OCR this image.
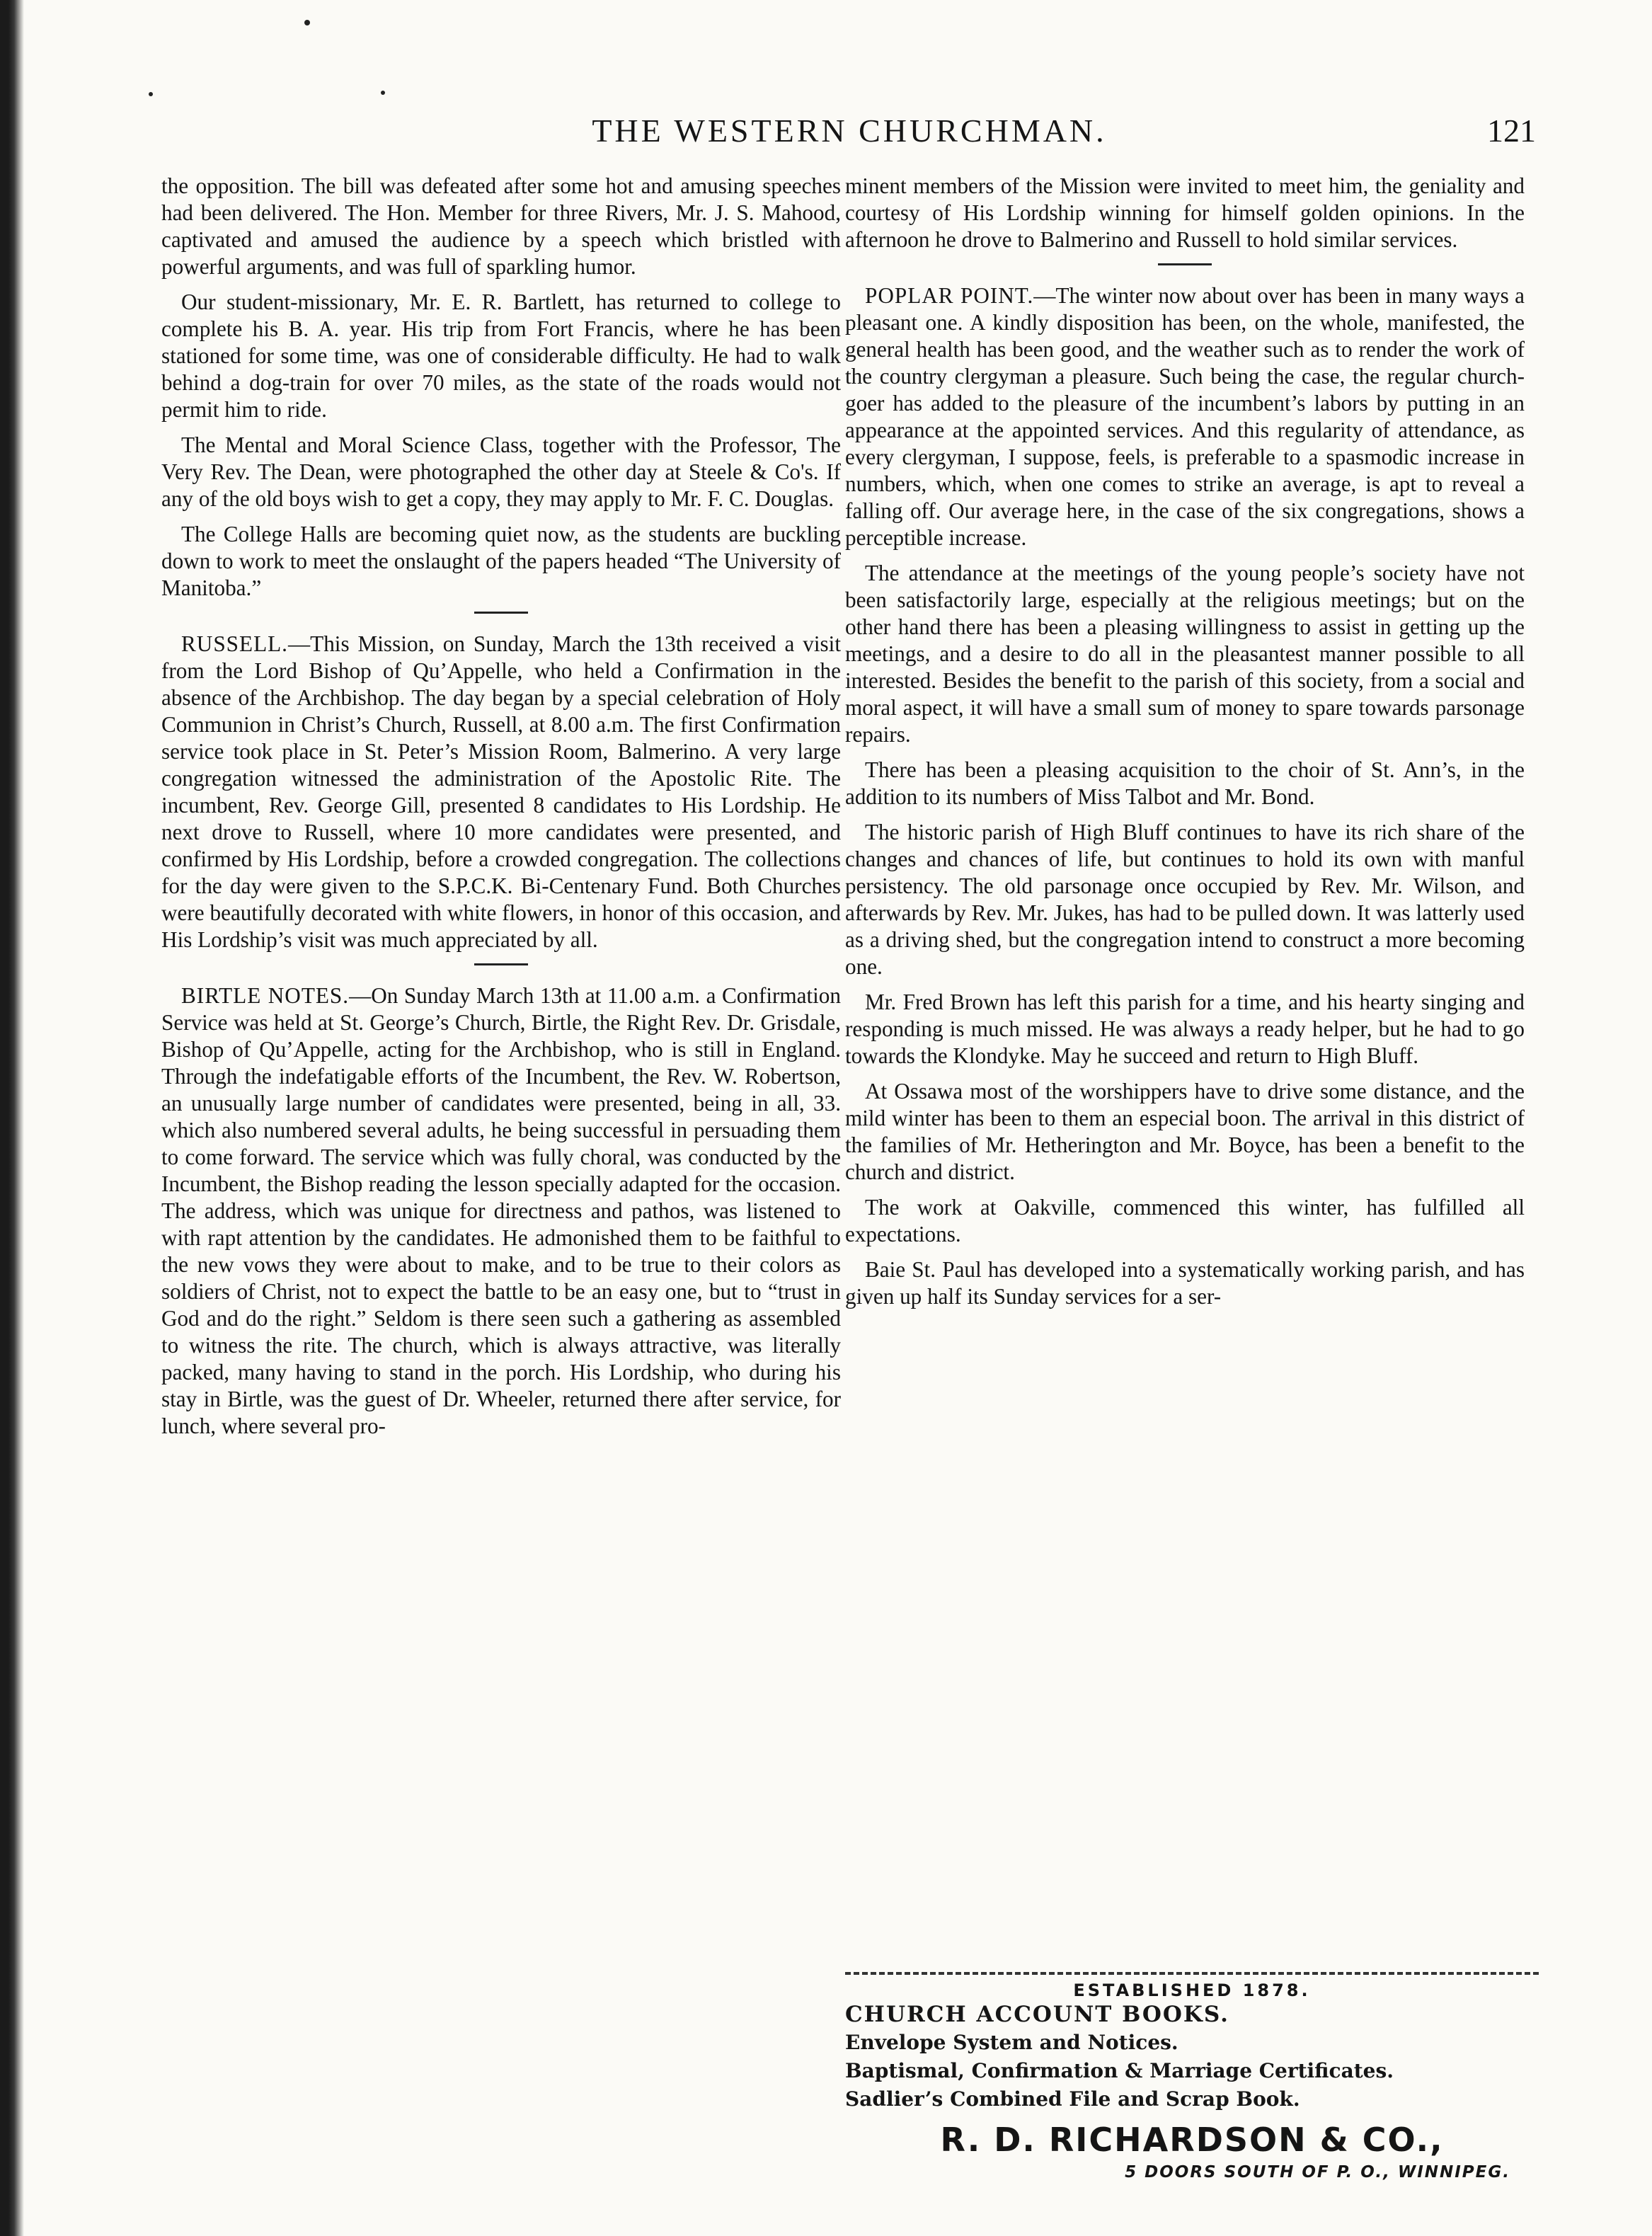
THE WESTERN CHURCHMAN.	121

the opposition. The bill was defeated after some hot and amusing speeches had been delivered. The Hon. Member for three Rivers, Mr. J. S. Mahood, captivated and amused the audience by a speech which bristled with powerful arguments, and was full of sparkling humor.

Our student-missionary, Mr. E. R. Bartlett, has returned to college to complete his B. A. year. His trip from Fort Francis, where he has been stationed for some time, was one of considerable difficulty. He had to walk behind a dog-train for over 70 miles, as the state of the roads would not permit him to ride.

The Mental and Moral Science Class, together with the Professor, The Very Rev. The Dean, were photographed the other day at Steele & Co's. If any of the old boys wish to get a copy, they may apply to Mr. F. C. Douglas.

The College Halls are becoming quiet now, as the students are buckling down to work to meet the onslaught of the papers headed “The University of Manitoba.”

RUSSELL.—This Mission, on Sunday, March the 13th received a visit from the Lord Bishop of Qu’Appelle, who held a Confirmation in the absence of the Archbishop. The day began by a special celebration of Holy Communion in Christ’s Church, Russell, at 8.00 a.m. The first Confirmation service took place in St. Peter’s Mission Room, Balmerino. A very large congregation witnessed the administration of the Apostolic Rite. The incumbent, Rev. George Gill, presented 8 candidates to His Lordship. He next drove to Russell, where 10 more candidates were presented, and confirmed by His Lordship, before a crowded congregation. The collections for the day were given to the S.P.C.K. Bi-Centenary Fund. Both Churches were beautifully decorated with white flowers, in honor of this occasion, and His Lordship’s visit was much appreciated by all.

BIRTLE NOTES.—On Sunday March 13th at 11.00 a.m. a Confirmation Service was held at St. George’s Church, Birtle, the Right Rev. Dr. Grisdale, Bishop of Qu’Appelle, acting for the Archbishop, who is still in England. Through the indefatigable efforts of the Incumbent, the Rev. W. Robertson, an unusually large number of candidates were presented, being in all, 33. which also numbered several adults, he being successful in persuading them to come forward. The service which was fully choral, was conducted by the Incumbent, the Bishop reading the lesson specially adapted for the occasion. The address, which was unique for directness and pathos, was listened to with rapt attention by the candidates. He admonished them to be faithful to the new vows they were about to make, and to be true to their colors as soldiers of Christ, not to expect the battle to be an easy one, but to “trust in God and do the right.” Seldom is there seen such a gathering as assembled to witness the rite. The church, which is always attractive, was literally packed, many having to stand in the porch. His Lordship, who during his stay in Birtle, was the guest of Dr. Wheeler, returned there after service, for lunch, where several pro-

minent members of the Mission were invited to meet him, the geniality and courtesy of His Lordship winning for himself golden opinions. In the afternoon he drove to Balmerino and Russell to hold similar services.

POPLAR POINT.—The winter now about over has been in many ways a pleasant one. A kindly disposition has been, on the whole, manifested, the general health has been good, and the weather such as to render the work of the country clergyman a pleasure. Such being the case, the regular church-goer has added to the pleasure of the incumbent’s labors by putting in an appearance at the appointed services. And this regularity of attendance, as every clergyman, I suppose, feels, is preferable to a spasmodic increase in numbers, which, when one comes to strike an average, is apt to reveal a falling off. Our average here, in the case of the six congregations, shows a perceptible increase.

The attendance at the meetings of the young people’s society have not been satisfactorily large, especially at the religious meetings; but on the other hand there has been a pleasing willingness to assist in getting up the meetings, and a desire to do all in the pleasantest manner possible to all interested. Besides the benefit to the parish of this society, from a social and moral aspect, it will have a small sum of money to spare towards parsonage repairs.

There has been a pleasing acquisition to the choir of St. Ann’s, in the addition to its numbers of Miss Talbot and Mr. Bond.

The historic parish of High Bluff continues to have its rich share of the changes and chances of life, but continues to hold its own with manful persistency. The old parsonage once occupied by Rev. Mr. Wilson, and afterwards by Rev. Mr. Jukes, has had to be pulled down. It was latterly used as a driving shed, but the congregation intend to construct a more becoming one.

Mr. Fred Brown has left this parish for a time, and his hearty singing and responding is much missed. He was always a ready helper, but he had to go towards the Klondyke. May he succeed and return to High Bluff.

At Ossawa most of the worshippers have to drive some distance, and the mild winter has been to them an especial boon. The arrival in this district of the families of Mr. Hetherington and Mr. Boyce, has been a benefit to the church and district.

The work at Oakville, commenced this winter, has fulfilled all expectations.

Baie St. Paul has developed into a systematically working parish, and has given up half its Sunday services for a ser-

ESTABLISHED 1878.
CHURCH ACCOUNT BOOKS.
Envelope System and Notices.
Baptismal, Confirmation & Marriage Certificates.
Sadlier’s Combined File and Scrap Book.
R. D. RICHARDSON & CO.,
5 DOORS SOUTH OF P. O., WINNIPEG.
